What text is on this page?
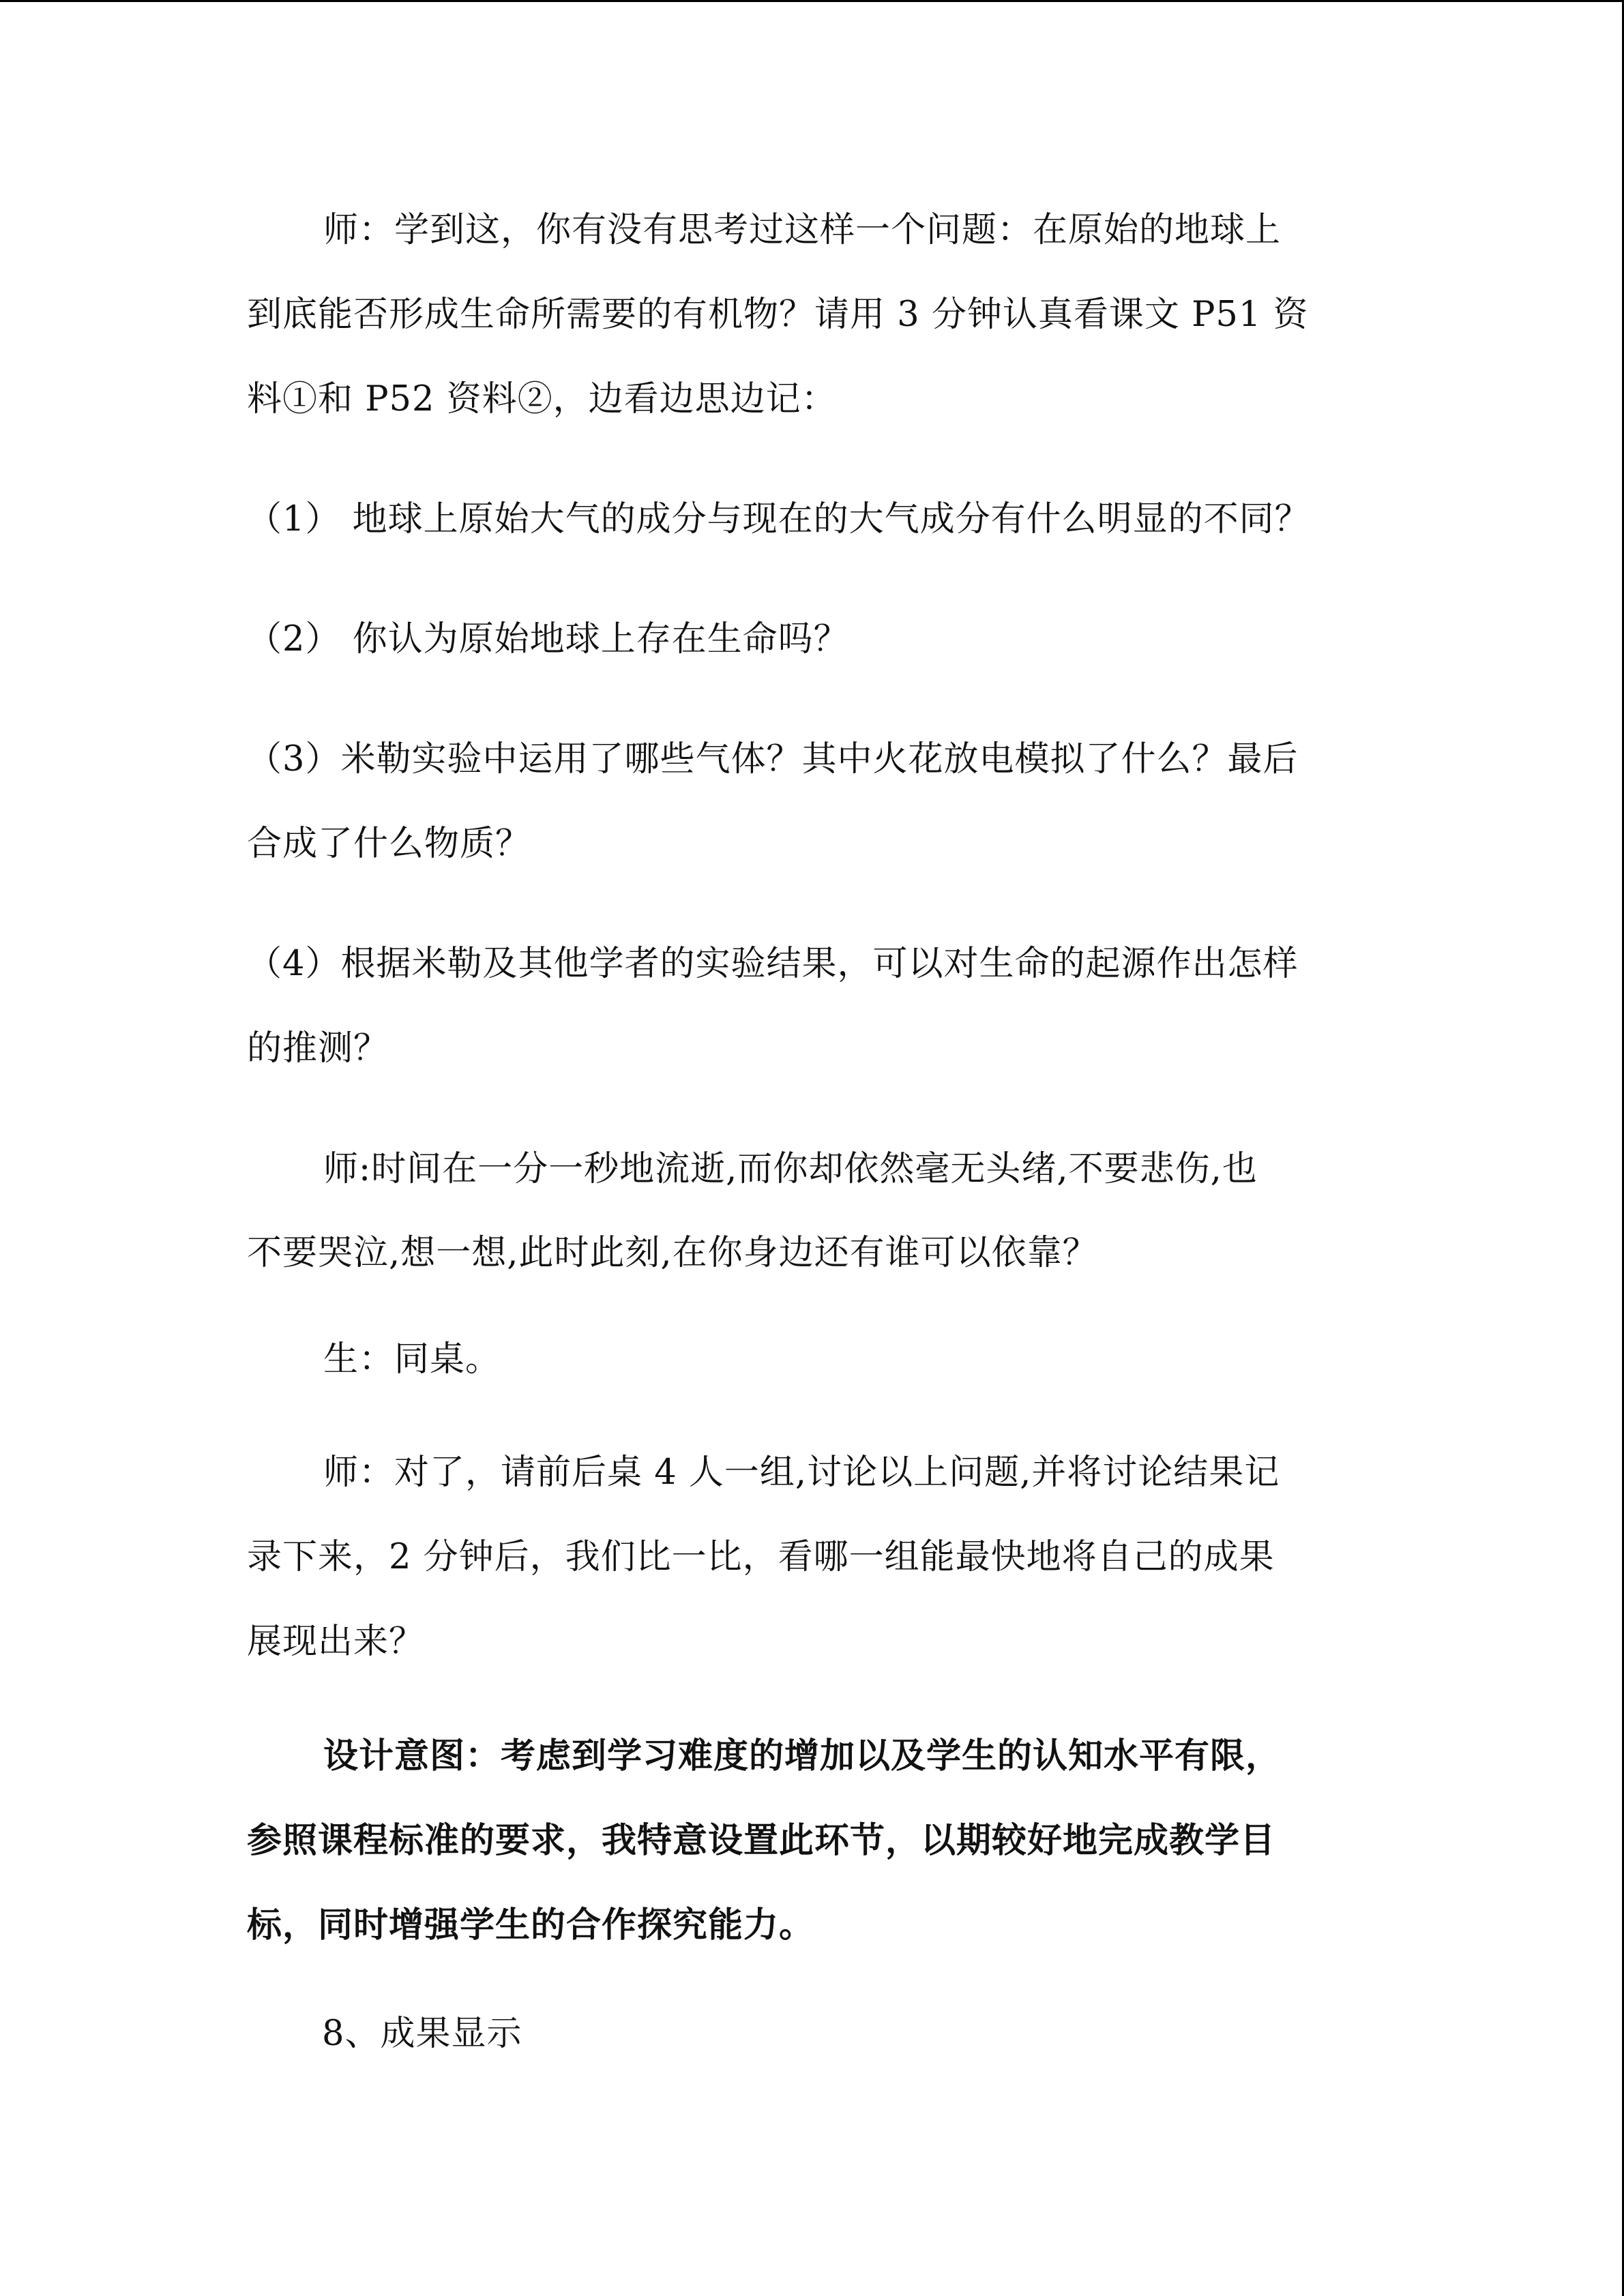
师：学到这，你有没有思考过这样一个问题：在原始的地球上
到底能否形成生命所需要的有机物？请用 3 分钟认真看课文 P51 资
料①和 P52 资料②，边看边思边记：
（1） 地球上原始大气的成分与现在的大气成分有什么明显的不同？
（2） 你认为原始地球上存在生命吗？
（3）米勒实验中运用了哪些气体？其中火花放电模拟了什么？最后
合成了什么物质？
（4）根据米勒及其他学者的实验结果，可以对生命的起源作出怎样
的推测？
师:时间在一分一秒地流逝,而你却依然毫无头绪,不要悲伤,也
不要哭泣,想一想,此时此刻,在你身边还有谁可以依靠？
生：同桌。
师：对了，请前后桌 4 人一组,讨论以上问题,并将讨论结果记
录下来，2 分钟后，我们比一比，看哪一组能最快地将自己的成果
展现出来？
设计意图：考虑到学习难度的增加以及学生的认知水平有限，
参照课程标准的要求，我特意设置此环节，以期较好地完成教学目
标，同时增强学生的合作探究能力。
8、成果显示
